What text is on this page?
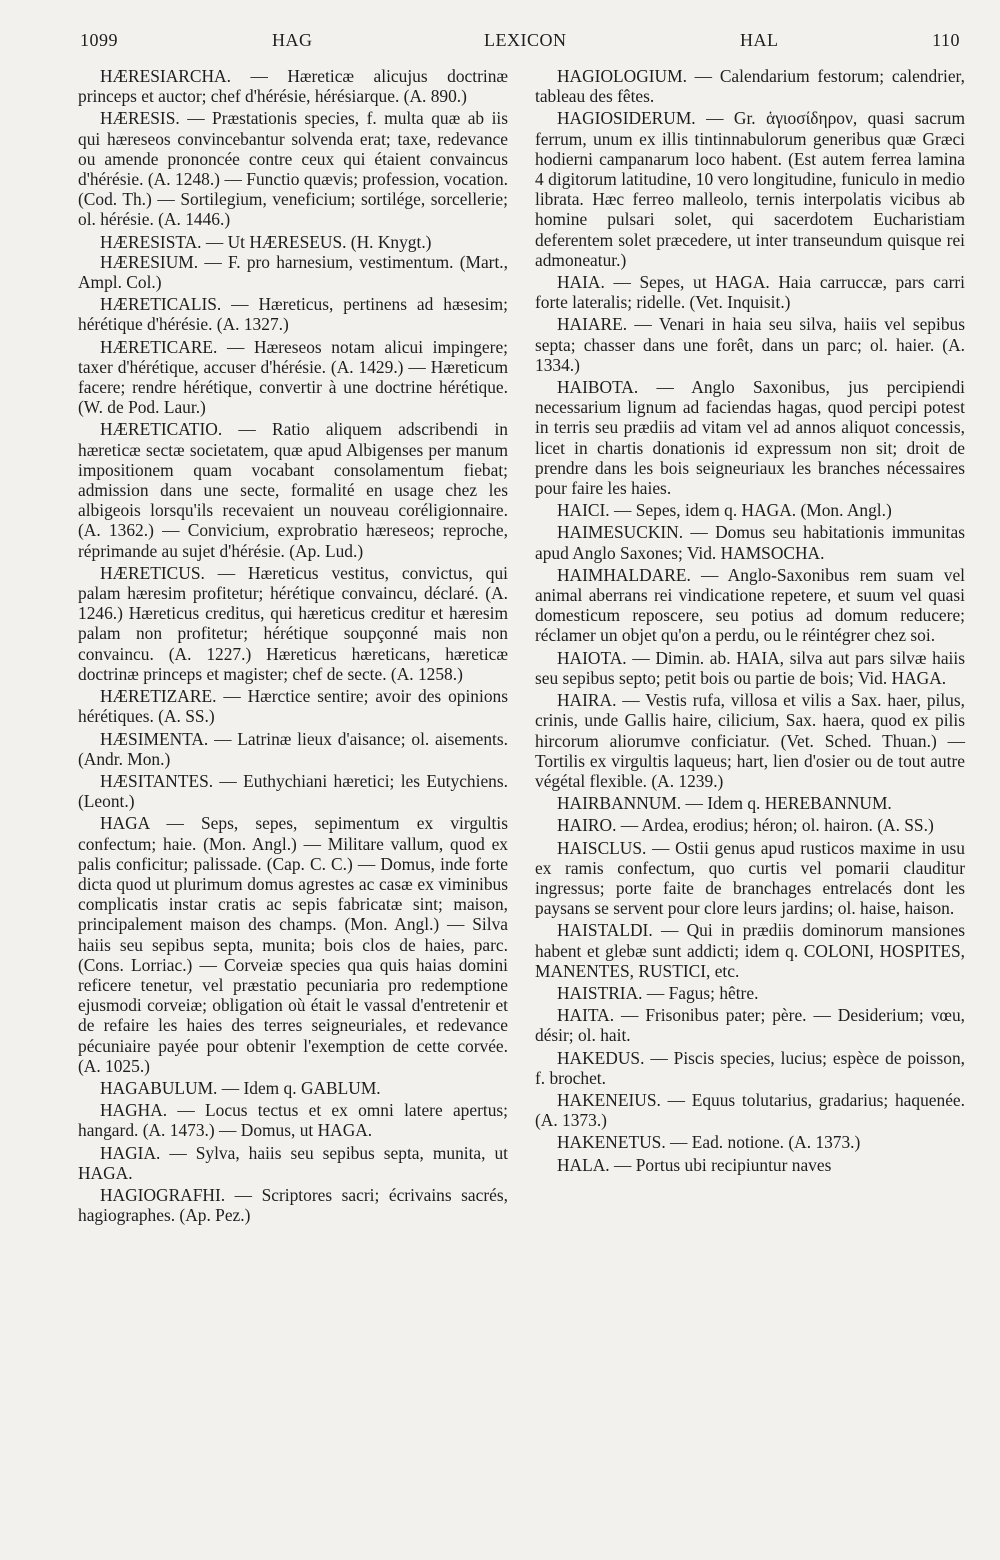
1099	HAG	LEXICON	HAL	110

HÆRESIARCHA. — Hæreticæ alicujus doctrinæ princeps et auctor; chef d'hérésie, hérésiarque. (A. 890.)

HÆRESIS. — Præstationis species, f. multa quæ ab iis qui hæreseos convincebantur solvenda erat; taxe, redevance ou amende prononcée contre ceux qui étaient convaincus d'hérésie. (A. 1248.) — Functio quævis; profession, vocation. (Cod. Th.) — Sortilegium, veneficium; sortilége, sorcellerie; ol. hérésie. (A. 1446.)

HÆRESISTA. — Ut HÆRESEUS. (H. Knygt.)

HÆRESIUM. — F. pro harnesium, vestimentum. (Mart., Ampl. Col.)

HÆRETICALIS. — Hæreticus, pertinens ad hæsesim; hérétique d'hérésie. (A. 1327.)

HÆRETICARE. — Hæreseos notam alicui impingere; taxer d'hérétique, accuser d'hérésie. (A. 1429.) — Hæreticum facere; rendre hérétique, convertir à une doctrine hérétique. (W. de Pod. Laur.)

HÆRETICATIO. — Ratio aliquem adscribendi in hæreticæ sectæ societatem, quæ apud Albigenses per manum impositionem quam vocabant consolamentum fiebat; admission dans une secte, formalité en usage chez les albigeois lorsqu'ils recevaient un nouveau coréligionnaire. (A. 1362.) — Convicium, exprobratio hæreseos; reproche, réprimande au sujet d'hérésie. (Ap. Lud.)

HÆRETICUS. — Hæreticus vestitus, convictus, qui palam hæresim profitetur; hérétique convaincu, déclaré. (A. 1246.) Hæreticus creditus, qui hæreticus creditur et hæresim palam non profitetur; hérétique soupçonné mais non convaincu. (A. 1227.) Hæreticus hæreticans, hæreticæ doctrinæ princeps et magister; chef de secte. (A. 1258.)

HÆRETIZARE. — Hærctice sentire; avoir des opinions hérétiques. (A. SS.)

HÆSIMENTA. — Latrinæ lieux d'aisance; ol. aisements. (Andr. Mon.)

HÆSITANTES. — Euthychiani hæretici; les Eutychiens. (Leont.)

HAGA — Seps, sepes, sepimentum ex virgultis confectum; haie. (Mon. Angl.) — Militare vallum, quod ex palis conficitur; palissade. (Cap. C. C.) — Domus, inde forte dicta quod ut plurimum domus agrestes ac casæ ex viminibus complicatis instar cratis ac sepis fabricatæ sint; maison, principalement maison des champs. (Mon. Angl.) — Silva haiis seu sepibus septa, munita; bois clos de haies, parc. (Cons. Lorriac.) — Corveiæ species qua quis haias domini reficere tenetur, vel præstatio pecuniaria pro redemptione ejusmodi corveiæ; obligation où était le vassal d'entretenir et de refaire les haies des terres seigneuriales, et redevance pécuniaire payée pour obtenir l'exemption de cette corvée. (A. 1025.)

HAGABULUM. — Idem q. GABLUM.

HAGHA. — Locus tectus et ex omni latere apertus; hangard. (A. 1473.) — Domus, ut HAGA.

HAGIA. — Sylva, haiis seu sepibus septa, munita, ut HAGA.

HAGIOGRAFHI. — Scriptores sacri; écrivains sacrés, hagiographes. (Ap. Pez.)

HAGIOLOGIUM. — Calendarium festorum; calendrier, tableau des fêtes.

HAGIOSIDERUM. — Gr. ἁγιοσίδηρον, quasi sacrum ferrum, unum ex illis tintinnabulorum generibus quæ Græci hodierni campanarum loco habent. (Est autem ferrea lamina 4 digitorum latitudine, 10 vero longitudine, funiculo in medio librata. Hæc ferreo malleolo, ternis interpolatis vicibus ab homine pulsari solet, qui sacerdotem Eucharistiam deferentem solet præcedere, ut inter transeundum quisque rei admoneatur.)

HAIA. — Sepes, ut HAGA. Haia carruccæ, pars carri forte lateralis; ridelle. (Vet. Inquisit.)

HAIARE. — Venari in haia seu silva, haiis vel sepibus septa; chasser dans une forêt, dans un parc; ol. haier. (A. 1334.)

HAIBOTA. — Anglo Saxonibus, jus percipiendi necessarium lignum ad faciendas hagas, quod percipi potest in terris seu prædiis ad vitam vel ad annos aliquot concessis, licet in chartis donationis id expressum non sit; droit de prendre dans les bois seigneuriaux les branches nécessaires pour faire les haies.

HAICI. — Sepes, idem q. HAGA. (Mon. Angl.)

HAIMESUCKIN. — Domus seu habitationis immunitas apud Anglo Saxones; Vid. HAMSOCHA.

HAIMHALDARE. — Anglo-Saxonibus rem suam vel animal aberrans rei vindicatione repetere, et suum vel quasi domesticum reposcere, seu potius ad domum reducere; réclamer un objet qu'on a perdu, ou le réintégrer chez soi.

HAIOTA. — Dimin. ab. HAIA, silva aut pars silvæ haiis seu sepibus septo; petit bois ou partie de bois; Vid. HAGA.

HAIRA. — Vestis rufa, villosa et vilis a Sax. haer, pilus, crinis, unde Gallis haire, cilicium, Sax. haera, quod ex pilis hircorum aliorumve conficiatur. (Vet. Sched. Thuan.) — Tortilis ex virgultis laqueus; hart, lien d'osier ou de tout autre végétal flexible. (A. 1239.)

HAIRBANNUM. — Idem q. HEREBANNUM.

HAIRO. — Ardea, erodius; héron; ol. hairon. (A. SS.)

HAISCLUS. — Ostii genus apud rusticos maxime in usu ex ramis confectum, quo curtis vel pomarii clauditur ingressus; porte faite de branchages entrelacés dont les paysans se servent pour clore leurs jardins; ol. haise, haison.

HAISTALDI. — Qui in prædiis dominorum mansiones habent et glebæ sunt addicti; idem q. COLONI, HOSPITES, MANENTES, RUSTICI, etc.

HAISTRIA. — Fagus; hêtre.

HAITA. — Frisonibus pater; père. — Desiderium; vœu, désir; ol. hait.

HAKEDUS. — Piscis species, lucius; espèce de poisson, f. brochet.

HAKENEIUS. — Equus tolutarius, gradarius; haquenée. (A. 1373.)

HAKENETUS. — Ead. notione. (A. 1373.)

HALA. — Portus ubi recipiuntur naves
